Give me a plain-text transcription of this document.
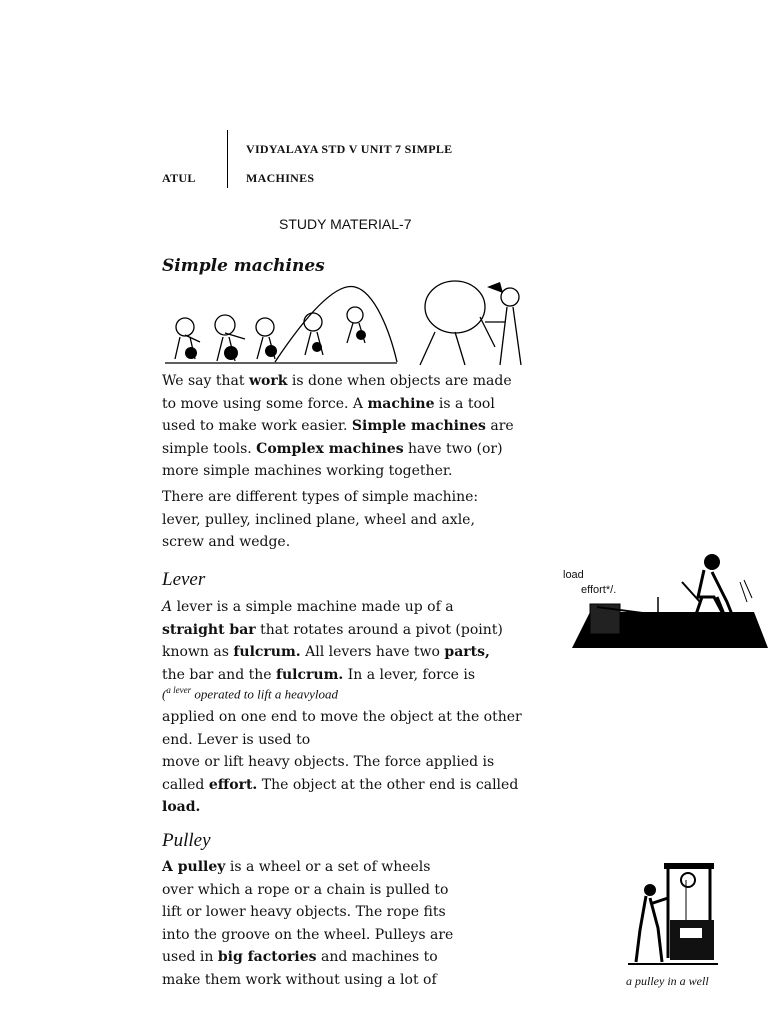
ATUL
VIDYALAYA STD V UNIT 7 SIMPLE
MACHINES
STUDY MATERIAL-7
Simple machines
We say that work is done when objects are made
to move using some force. A machine is a tool
used to make work easier. Simple machines are
simple tools. Complex machines have two (or)
more simple machines working together.
There are different types of simple machine:
lever, pulley, inclined plane, wheel and axle,
screw and wedge.
Lever
A lever is a simple machine made up of a
straight bar that rotates around a pivot (point)
known as fulcrum. All levers have two parts,
the bar and the fulcrum. In a lever, force is
($^{a lever}$ operated to lift a heavyload
applied on one end to move the object at the other
end. Lever is used to
move or lift heavy objects. The force applied is
called effort. The object at the other end is called
load.
load
effort*/.
Pulley
A pulley is a wheel or a set of wheels
over which a rope or a chain is pulled to
lift or lower heavy objects. The rope fits
into the groove on the wheel. Pulleys are
used in big factories and machines to
make them work without using a lot of	a pulley in a well
